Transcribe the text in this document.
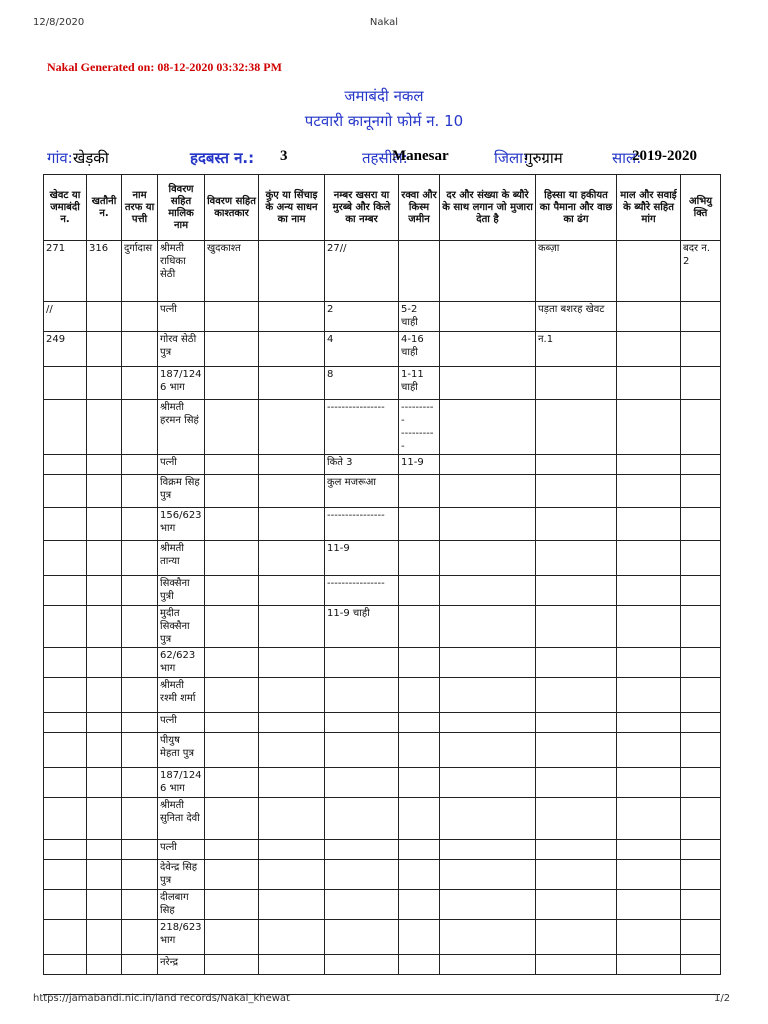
12/8/2020	Nakal
Nakal Generated on: 08-12-2020 03:32:38 PM
जमाबंदी नकल
पटवारी कानूनगो फोर्म न. 10
गांव: खेड़की	हदबस्त न.: 3	तहसील:
Manesar	जिला:
गुरुग्राम	साल:
2019-2020
खेवट या जमाबंदी न.	खतौनी न.	नाम तरफ या पत्ती	विवरण सहित मालिक नाम	विवरण सहित काश्तकार	कुंए या सिंचाइ के अन्य साधन का नाम	नम्बर खसरा या मुरब्बे और किले का नम्बर	रक्वा और किस्म जमीन	दर और संख्या के ब्यौरे के साथ लगान जो मुजारा देता है	हिस्सा या हकीयत का पैमाना और वाछ का ढंग	माल और सवाई के ब्यौरे सहित मांग	अभियुक्ति
271	316	दुर्गादास	श्रीमती राधिका सेठी	खुदकाश्त		27//			कब्ज़ा		बदर न. 2
//			पत्नी			2	5-2 चाही		पड़ता बशरह खेवट		
249			गोरव सेठी पुत्र			4	4-16 चाही		न.1		
			187/1246 भाग			8	1-11 चाही				
			श्रीमती हरमन सिहं			----------------	----------
----------				
			पत्नी			किते 3	11-9				
			विक्रम सिह पुत्र			कुल मजरूआ					
			156/623 भाग			----------------					
			श्रीमती तान्या			11-9					
			सिक्सैना पुत्री			----------------					
			मुदीत सिक्सैना पुत्र			11-9 चाही					
			62/623 भाग								
			श्रीमती रश्मी शर्मा								
			पत्नी								
			पीयुष मेहता पुत्र								
			187/1246 भाग								
			श्रीमती सुनिता देवी								
			पत्नी								
			देवेन्द्र सिह पुत्र								
			दीलबाग सिह								
			218/623 भाग								
			नरेन्द्र								
https://jamabandi.nic.in/land records/Nakal_khewat	1/2
